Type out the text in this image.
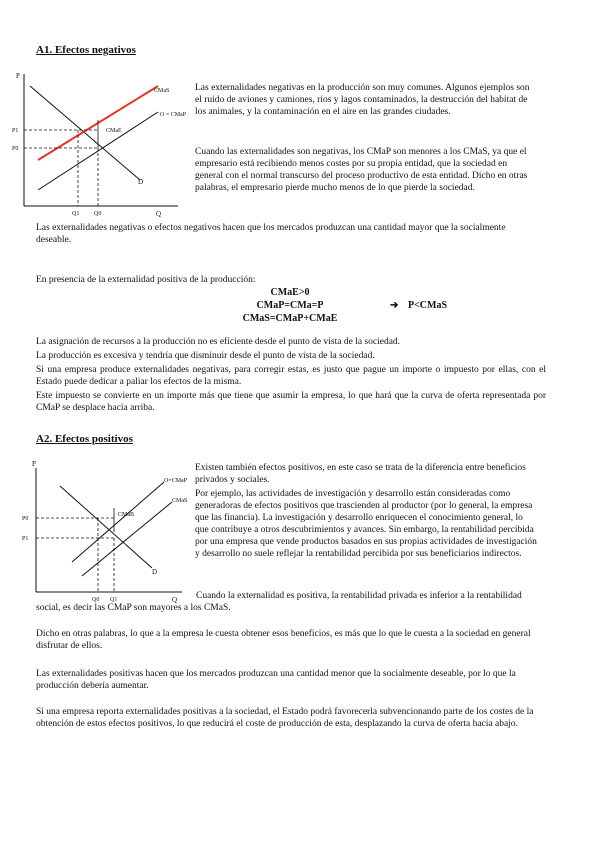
A1. Efectos negativos
P
Q
D
O = CMaP
CMaS
CMaE
P1
P0
Q1 Q0

Las externalidades negativas en la producción son muy comunes. Algunos ejemplos son el ruido de aviones y camiones, ríos y lagos contaminados, la destrucción del habitat de los animales, y la contaminación en el aire en las grandes ciudades.

Cuando las externalidades son negativas, los CMaP son menores a los CMaS, ya que el empresario está recibiendo menos costes por su propia entidad, que la sociedad en general con el normal transcurso del proceso productivo de esta entidad. Dicho en otras palabras, el empresario pierde mucho menos de lo que pierde la sociedad.

Las externalidades negativas o efectos negativos hacen que los mercados produzcan una cantidad mayor que la socialmente deseable.

En presencia de la externalidad positiva de la producción:

CMaE>0
CMaP=CMa=P
CMaS=CMaP+CMaE
➔ P<CMaS

La asignación de recursos a la producción no es eficiente desde el punto de vista de la sociedad.

La producción es excesiva y tendría que disminuir desde el punto de vista de la sociedad.

Si una empresa produce externalidades negativas, para corregir estas, es justo que pague un importe o impuesto por ellas, con el Estado puede dedicar a paliar los efectos de la misma.

Este impuesto se convierte en un importe más que tiene que asumir la empresa, lo que hará que la curva de oferta representada por CMaP se desplace hacia arriba.

A2. Efectos positivos
P
Q
D
O=CMaP
CMaS
CMaB
P0
P1
Q0 Q1

Existen también efectos positivos, en este caso se trata de la diferencia entre beneficios privados y sociales.

Por ejemplo, las actividades de investigación y desarrollo están consideradas como generadoras de efectos positivos que trascienden al productor (por lo general, la empresa que las financia). La investigación y desarrollo enriquecen el conocimiento general, lo que contribuye a otros descubrimientos y avances. Sin embargo, la rentabilidad percibida por una empresa que vende productos basados en sus propias actividades de investigación y desarrollo no suele reflejar la rentabilidad percibida por sus beneficiarios indirectos.

Cuando la externalidad es positiva, la rentabilidad privada es inferior a la rentabilidad social, es decir las CMaP son mayores a los CMaS.

Dicho en otras palabras, lo que a la empresa le cuesta obtener esos beneficios, es más que lo que le cuesta a la sociedad en general disfrutar de ellos.

Las externalidades positivas hacen que los mercados produzcan una cantidad menor que la socialmente deseable, por lo que la producción debería aumentar.

Si una empresa reporta externalidades positivas a la sociedad, el Estado podrá favorecerla subvencionando parte de los costes de la obtención de estos efectos positivos, lo que reducirá el coste de producción de esta, desplazando la curva de oferta hacia abajo.
